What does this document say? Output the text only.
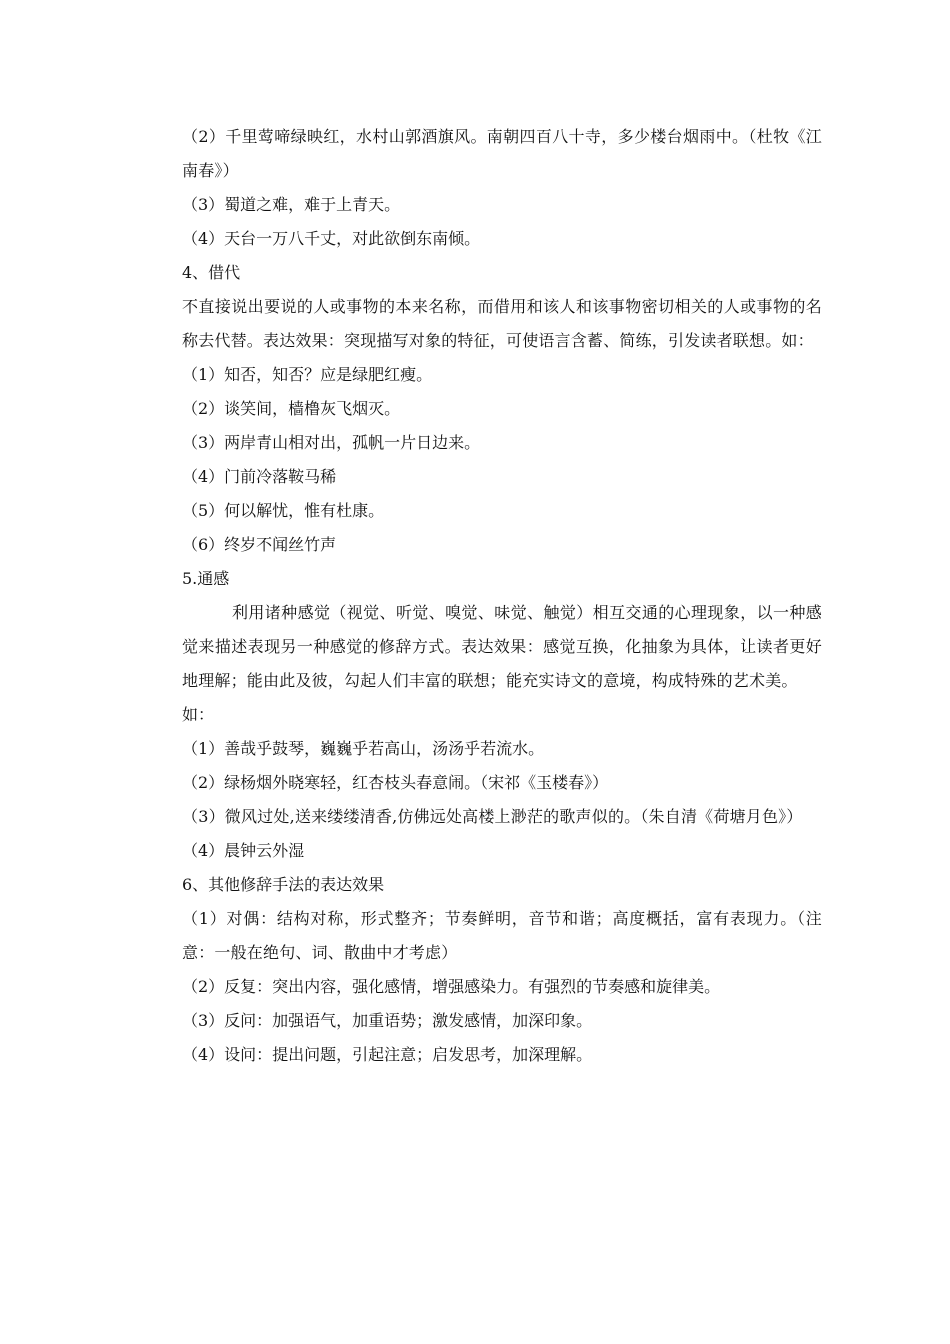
（2）千里莺啼绿映红，水村山郭酒旗风。南朝四百八十寺，多少楼台烟雨中。（杜牧《江南春》）

（3）蜀道之难，难于上青天。

（4）天台一万八千丈，对此欲倒东南倾。

4、借代

不直接说出要说的人或事物的本来名称，而借用和该人和该事物密切相关的人或事物的名称去代替。表达效果：突现描写对象的特征，可使语言含蓄、简练，引发读者联想。如：

（1）知否，知否？应是绿肥红瘦。

（2）谈笑间，樯橹灰飞烟灭。

（3）两岸青山相对出，孤帆一片日边来。

（4）门前冷落鞍马稀

（5）何以解忧，惟有杜康。

（6）终岁不闻丝竹声

5.通感

利用诸种感觉（视觉、听觉、嗅觉、味觉、触觉）相互交通的心理现象，以一种感觉来描述表现另一种感觉的修辞方式。表达效果：感觉互换，化抽象为具体，让读者更好地理解；能由此及彼，勾起人们丰富的联想；能充实诗文的意境，构成特殊的艺术美。

如：

（1）善哉乎鼓琴，巍巍乎若高山，汤汤乎若流水。

（2）绿杨烟外晓寒轻，红杏枝头春意闹。（宋祁《玉楼春》）

（3）微风过处,送来缕缕清香,仿佛远处高楼上渺茫的歌声似的。（朱自清《荷塘月色》）

（4）晨钟云外湿

6、其他修辞手法的表达效果

（1）对偶：结构对称，形式整齐；节奏鲜明，音节和谐；高度概括，富有表现力。（注意：一般在绝句、词、散曲中才考虑）

（2）反复：突出内容，强化感情，增强感染力。有强烈的节奏感和旋律美。

（3）反问：加强语气，加重语势；激发感情，加深印象。

（4）设问：提出问题，引起注意；启发思考，加深理解。
